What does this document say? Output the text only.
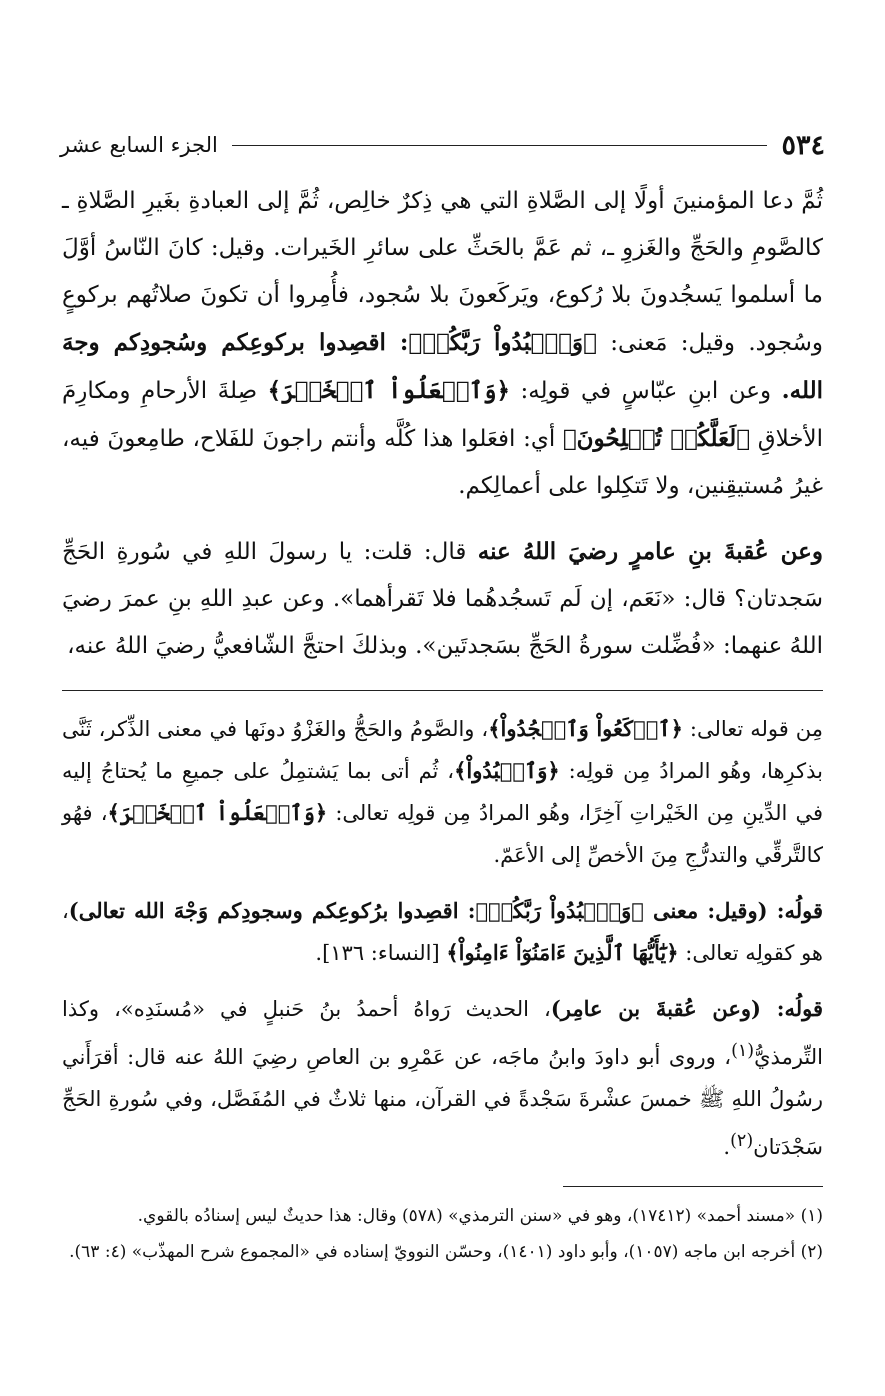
٥٣٤
الجزء السابع عشر

ثُمَّ دعا المؤمنينَ أولًا إلى الصَّلاةِ التي هي ذِكرٌ خالِص، ثُمَّ إلى العبادةِ بغَيرِ الصَّلاةِ ـ كالصَّومِ والحَجِّ والغَزوِ ـ، ثم عَمَّ بالحَثِّ على سائرِ الخَيرات. وقيل: كانَ النّاسُ أوَّلَ ما أسلموا يَسجُدونَ بلا رُكوع، ويَركَعونَ بلا سُجود، فأُمِروا أن تكونَ صلاتُهم بركوعٍ وسُجود. وقيل: مَعنى: ﴿وَٱعۡبُدُواْ رَبَّكُمۡ﴾: اقصِدوا بركوعِكم وسُجودِكم وجهَ الله. وعن ابنِ عبّاسٍ في قولِه: ﴿وَٱفۡعَلُواْ ٱلۡخَيۡرَ﴾ صِلةَ الأرحامِ ومكارِمَ الأخلاقِ ﴿لَعَلَّكُمۡ تُفۡلِحُونَ﴾ أي: افعَلوا هذا كُلَّه وأنتم راجونَ للفَلاح، طامِعونَ فيه، غيرُ مُستيقِنين، ولا تَتكِلوا على أعمالِكم.

وعن عُقبةَ بنِ عامرٍ رضيَ اللهُ عنه قال: قلت: يا رسولَ اللهِ في سُورةِ الحَجِّ سَجدتان؟ قال: «نَعَم، إن لَم تَسجُدهُما فلا تَقرأهما». وعن عبدِ اللهِ بنِ عمرَ رضيَ اللهُ عنهما: «فُضِّلت سورةُ الحَجِّ بسَجدتَين». وبذلكَ احتجَّ الشّافعيُّ رضيَ اللهُ عنه،

مِن قوله تعالى: ﴿ٱرۡكَعُواْ وَٱسۡجُدُواْ﴾، والصَّومُ والحَجُّ والغَزْوُ دونَها في معنى الذِّكر، ثَنَّى بذكرِها، وهُو المرادُ مِن قولِه: ﴿وَٱعۡبُدُواْ﴾، ثُم أتى بما يَشتمِلُ على جميعِ ما يُحتاجُ إليه في الدِّينِ مِن الخَيْراتِ آخِرًا، وهُو المرادُ مِن قولِه تعالى: ﴿وَٱفۡعَلُواْ ٱلۡخَيۡرَ﴾، فهُو كالتَّرقِّي والتدرُّجِ مِنَ الأخصِّ إلى الأعَمّ.

قولُه: (وقيل: معنى ﴿وَٱعۡبُدُواْ رَبَّكُمۡ﴾: اقصِدوا برُكوعِكم وسجودِكم وَجْهَ الله تعالى)، هو كقولِه تعالى: ﴿يَٰٓأَيُّهَا ٱلَّذِينَ ءَامَنُوٓاْ ءَامِنُواْ﴾ [النساء: ١٣٦].

قولُه: (وعن عُقبةَ بن عامِر)، الحديث رَواهُ أحمدُ بنُ حَنبلٍ في «مُسنَدِه»، وكذا التِّرمذيُّ$^{(١)}$، وروى أبو داودَ وابنُ ماجَه، عن عَمْرِو بن العاصِ رضِيَ اللهُ عنه قال: أقرَأَني رسُولُ اللهِ ﷺ خمسَ عشْرةَ سَجْدةً في القرآن، منها ثلاثٌ في المُفَصَّل، وفي سُورةِ الحَجِّ سَجْدَتان$^{(٢)}$.

(١) «مسند أحمد» (١٧٤١٢)، وهو في «سنن الترمذي» (٥٧٨) وقال: هذا حديثٌ ليس إسنادُه بالقوي.

(٢) أخرجه ابن ماجه (١٠٥٧)، وأبو داود (١٤٠١)، وحسّن النوويّ إسناده في «المجموع شرح المهذّب» (٤: ٦٣).
